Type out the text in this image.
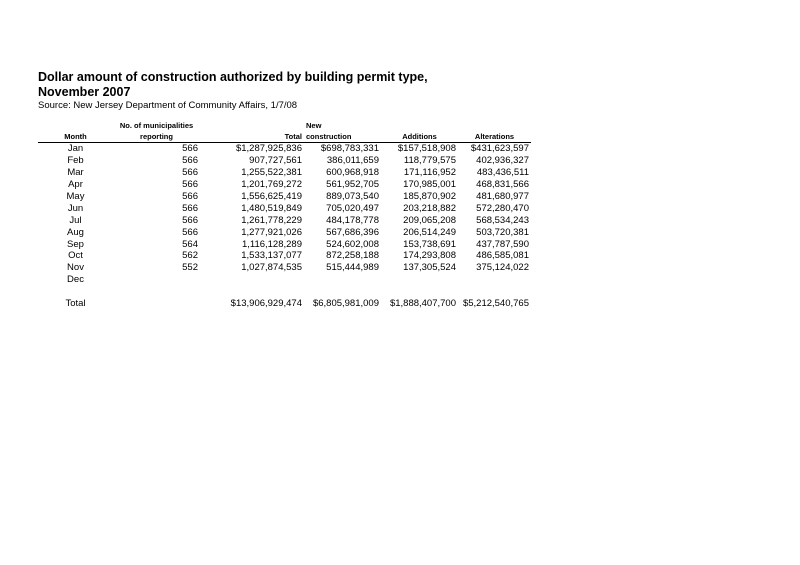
Dollar amount of construction authorized by building permit type,
November 2007
Source: New Jersey Department of Community Affairs, 1/7/08
	No. of municipalities		New		
Month	reporting	Total	construction	Additions	Alterations
Jan	566	$1,287,925,836	$698,783,331	$157,518,908	$431,623,597
Feb	566	907,727,561	386,011,659	118,779,575	402,936,327
Mar	566	1,255,522,381	600,968,918	171,116,952	483,436,511
Apr	566	1,201,769,272	561,952,705	170,985,001	468,831,566
May	566	1,556,625,419	889,073,540	185,870,902	481,680,977
Jun	566	1,480,519,849	705,020,497	203,218,882	572,280,470
Jul	566	1,261,778,229	484,178,778	209,065,208	568,534,243
Aug	566	1,277,921,026	567,686,396	206,514,249	503,720,381
Sep	564	1,116,128,289	524,602,008	153,738,691	437,787,590
Oct	562	1,533,137,077	872,258,188	174,293,808	486,585,081
Nov	552	1,027,874,535	515,444,989	137,305,524	375,124,022
Dec					

Total		$13,906,929,474	$6,805,981,009	$1,888,407,700	$5,212,540,765
